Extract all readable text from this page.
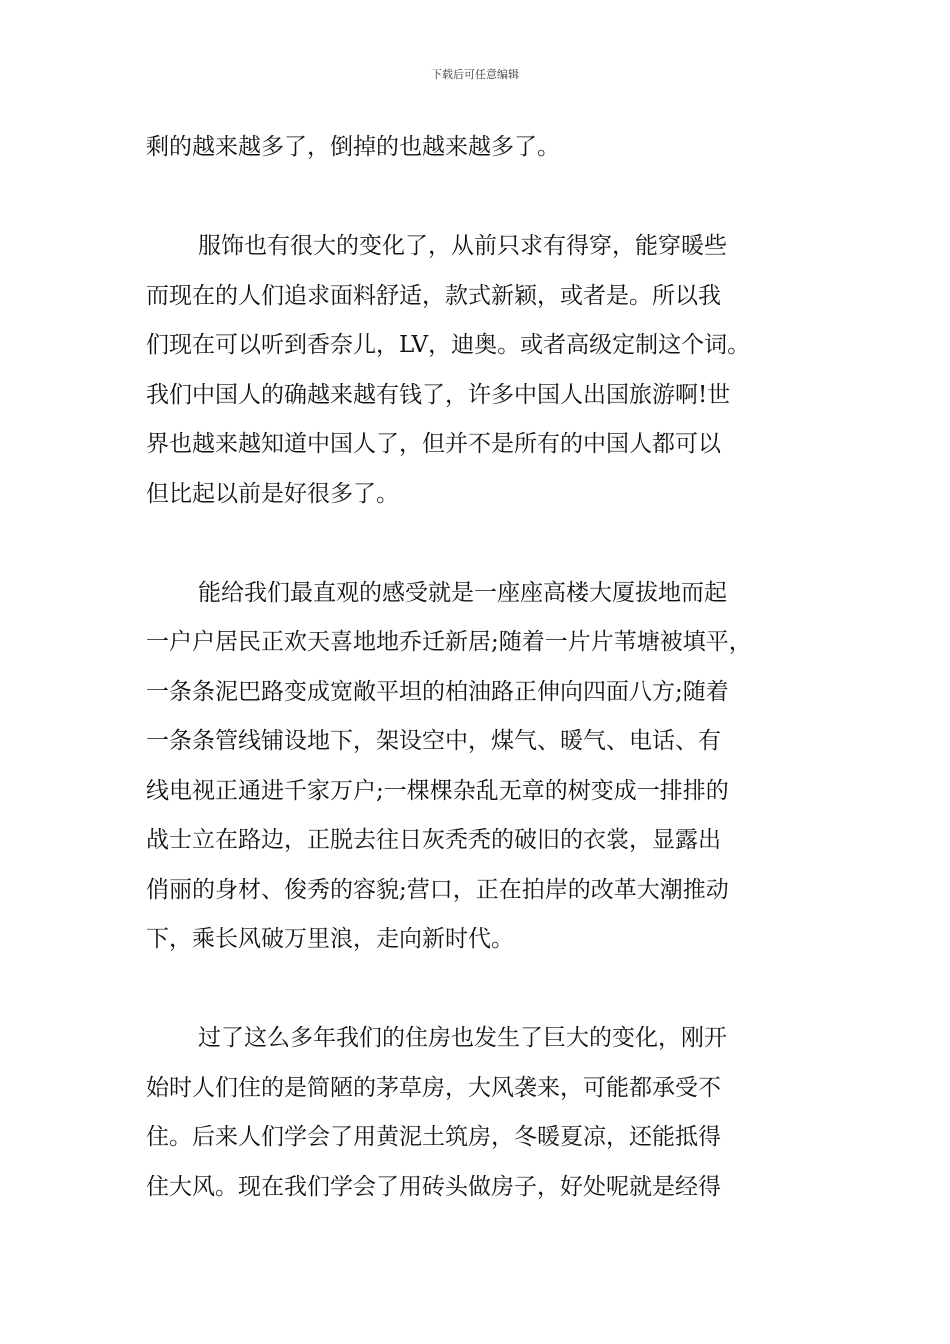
下载后可任意编辑
剩的越来越多了，倒掉的也越来越多了。
服饰也有很大的变化了，从前只求有得穿，能穿暖些
而现在的人们追求面料舒适，款式新颖，或者是。所以我
们现在可以听到香奈儿，LV，迪奥。或者高级定制这个词。
我们中国人的确越来越有钱了，许多中国人出国旅游啊!世
界也越来越知道中国人了，但并不是所有的中国人都可以
但比起以前是好很多了。
能给我们最直观的感受就是一座座高楼大厦拔地而起
一户户居民正欢天喜地地乔迁新居;随着一片片苇塘被填平，
一条条泥巴路变成宽敞平坦的柏油路正伸向四面八方;随着
一条条管线铺设地下，架设空中，煤气、暖气、电话、有
线电视正通进千家万户;一棵棵杂乱无章的树变成一排排的
战士立在路边，正脱去往日灰秃秃的破旧的衣裳，显露出
俏丽的身材、俊秀的容貌;营口，正在拍岸的改革大潮推动
下，乘长风破万里浪，走向新时代。
过了这么多年我们的住房也发生了巨大的变化，刚开
始时人们住的是简陋的茅草房，大风袭来，可能都承受不
住。后来人们学会了用黄泥土筑房，冬暖夏凉，还能抵得
住大风。现在我们学会了用砖头做房子，好处呢就是经得
